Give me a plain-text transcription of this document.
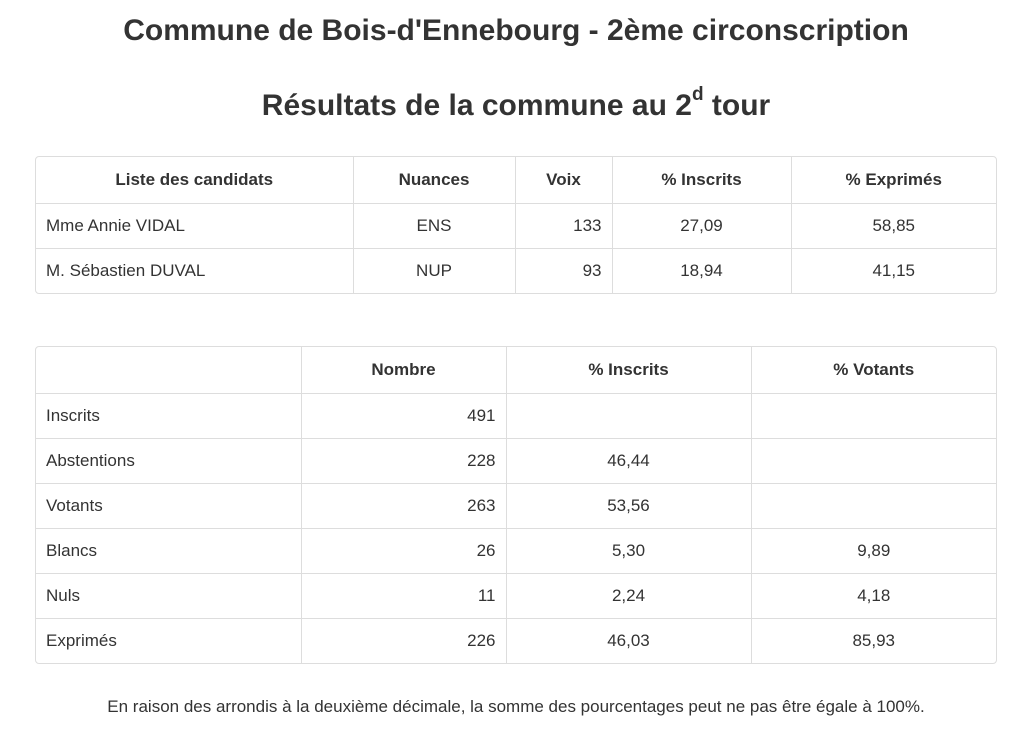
Commune de Bois-d'Ennebourg - 2ème circonscription
Résultats de la commune au 2$^d$ tour
Liste des candidats	Nuances	Voix	% Inscrits	% Exprimés
Mme Annie VIDAL	ENS	133	27,09	58,85
M. Sébastien DUVAL	NUP	93	18,94	41,15
	Nombre	% Inscrits	% Votants
Inscrits	491		
Abstentions	228	46,44	
Votants	263	53,56	
Blancs	26	5,30	9,89
Nuls	11	2,24	4,18
Exprimés	226	46,03	85,93

En raison des arrondis à la deuxième décimale, la somme des pourcentages peut ne pas être égale à 100%.
